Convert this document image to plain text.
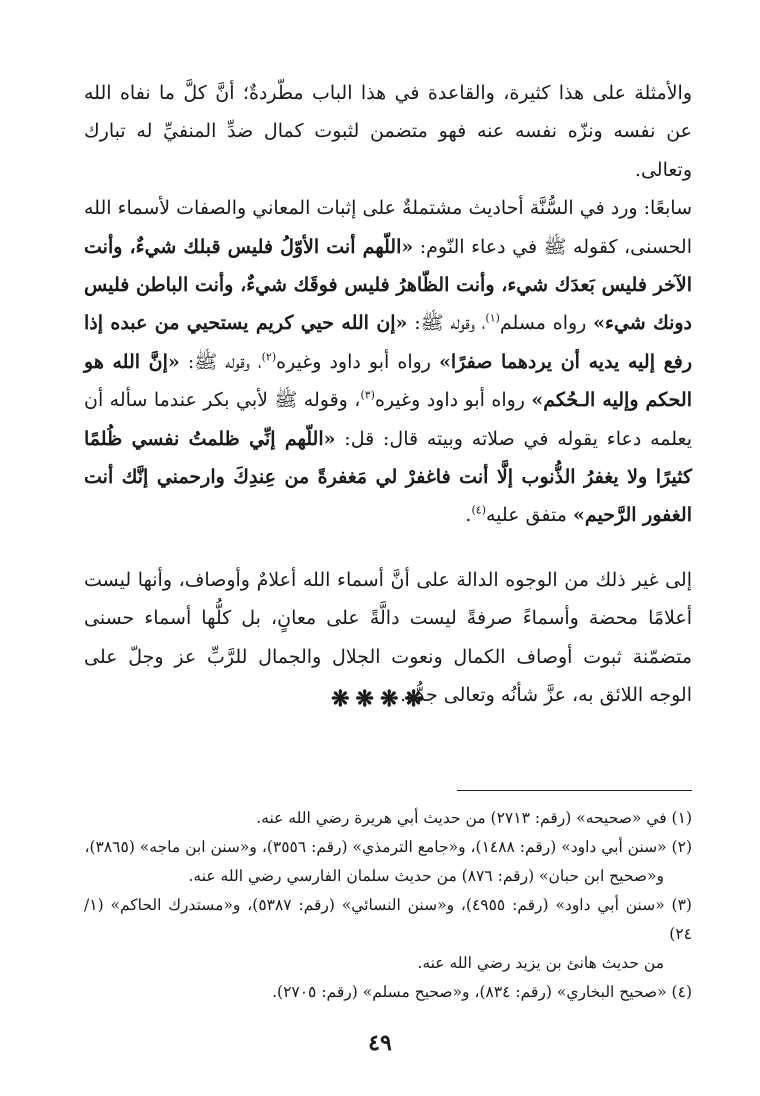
والأمثلة على هذا كثيرة، والقاعدة في هذا الباب مطّردةٌ؛ أنَّ كلَّ ما نفاه الله عن نفسه ونزّه نفسه عنه فهو متضمن لثبوت كمال ضدِّ المنفيِّ له تبارك وتعالى.

سابعًا: ورد في السُّنَّة أحاديث مشتملةٌ على إثبات المعاني والصفات لأسماء الله الحسنى، كقوله ﷺ في دعاء النّوم: «اللّهم أنت الأوّلُ فليس قبلك شيءٌ، وأنت الآخر فليس بَعدَك شيء، وأنت الظّاهرُ فليس فوقَك شيءٌ، وأنت الباطن فليس دونك شيء» رواه مسلم$^{(١)}$، وقوله ﷺ: «إن الله حيي كريم يستحيي من عبده إذا رفع إليه يديه أن يردهما صفرًا» رواه أبو داود وغيره$^{(٢)}$، وقوله ﷺ: «إنَّ الله هو الحكم وإليه الـحُكم» رواه أبو داود وغيره$^{(٣)}$، وقوله ﷺ لأبي بكر عندما سأله أن يعلمه دعاء يقوله في صلاته وبيته قال: قل: «اللّهم إنِّي ظلمتُ نفسي ظُلمًا كثيرًا ولا يغفرُ الذُّنوب إلَّا أنت فاغفرْ لي مَغفرةً من عِندِكَ وارحمني إنَّك أنت الغفور الرَّحيم» متفق عليه$^{(٤)}$.

إلى غير ذلك من الوجوه الدالة على أنَّ أسماء الله أعلامٌ وأوصاف، وأنها ليست أعلامًا محضة وأسماءً صرفةً ليست دالَّةً على معانٍ، بل كلُّها أسماء حسنى متضمّنة ثبوت أوصاف الكمال ونعوت الجلال والجمال للرَّبِّ عز وجلّ على الوجه اللائق به، عزَّ شأنُه وتعالى جدُّه.

❋❋❋❋

(١) في «صحيحه» (رقم: ٢٧١٣) من حديث أبي هريرة رضي الله عنه.

(٢) «سنن أبي داود» (رقم: ١٤٨٨)، و«جامع الترمذي» (رقم: ٣٥٥٦)، و«سنن ابن ماجه» (٣٨٦٥)،

و«صحيح ابن حبان» (رقم: ٨٧٦) من حديث سلمان الفارسي رضي الله عنه.

(٣) «سنن أبي داود» (رقم: ٤٩٥٥)، و«سنن النسائي» (رقم: ٥٣٨٧)، و«مستدرك الحاكم» (١/ ٢٤)

من حديث هانئ بن يزيد رضي الله عنه.

(٤) «صحيح البخاري» (رقم: ٨٣٤)، و«صحيح مسلم» (رقم: ٢٧٠٥).

٤٩
